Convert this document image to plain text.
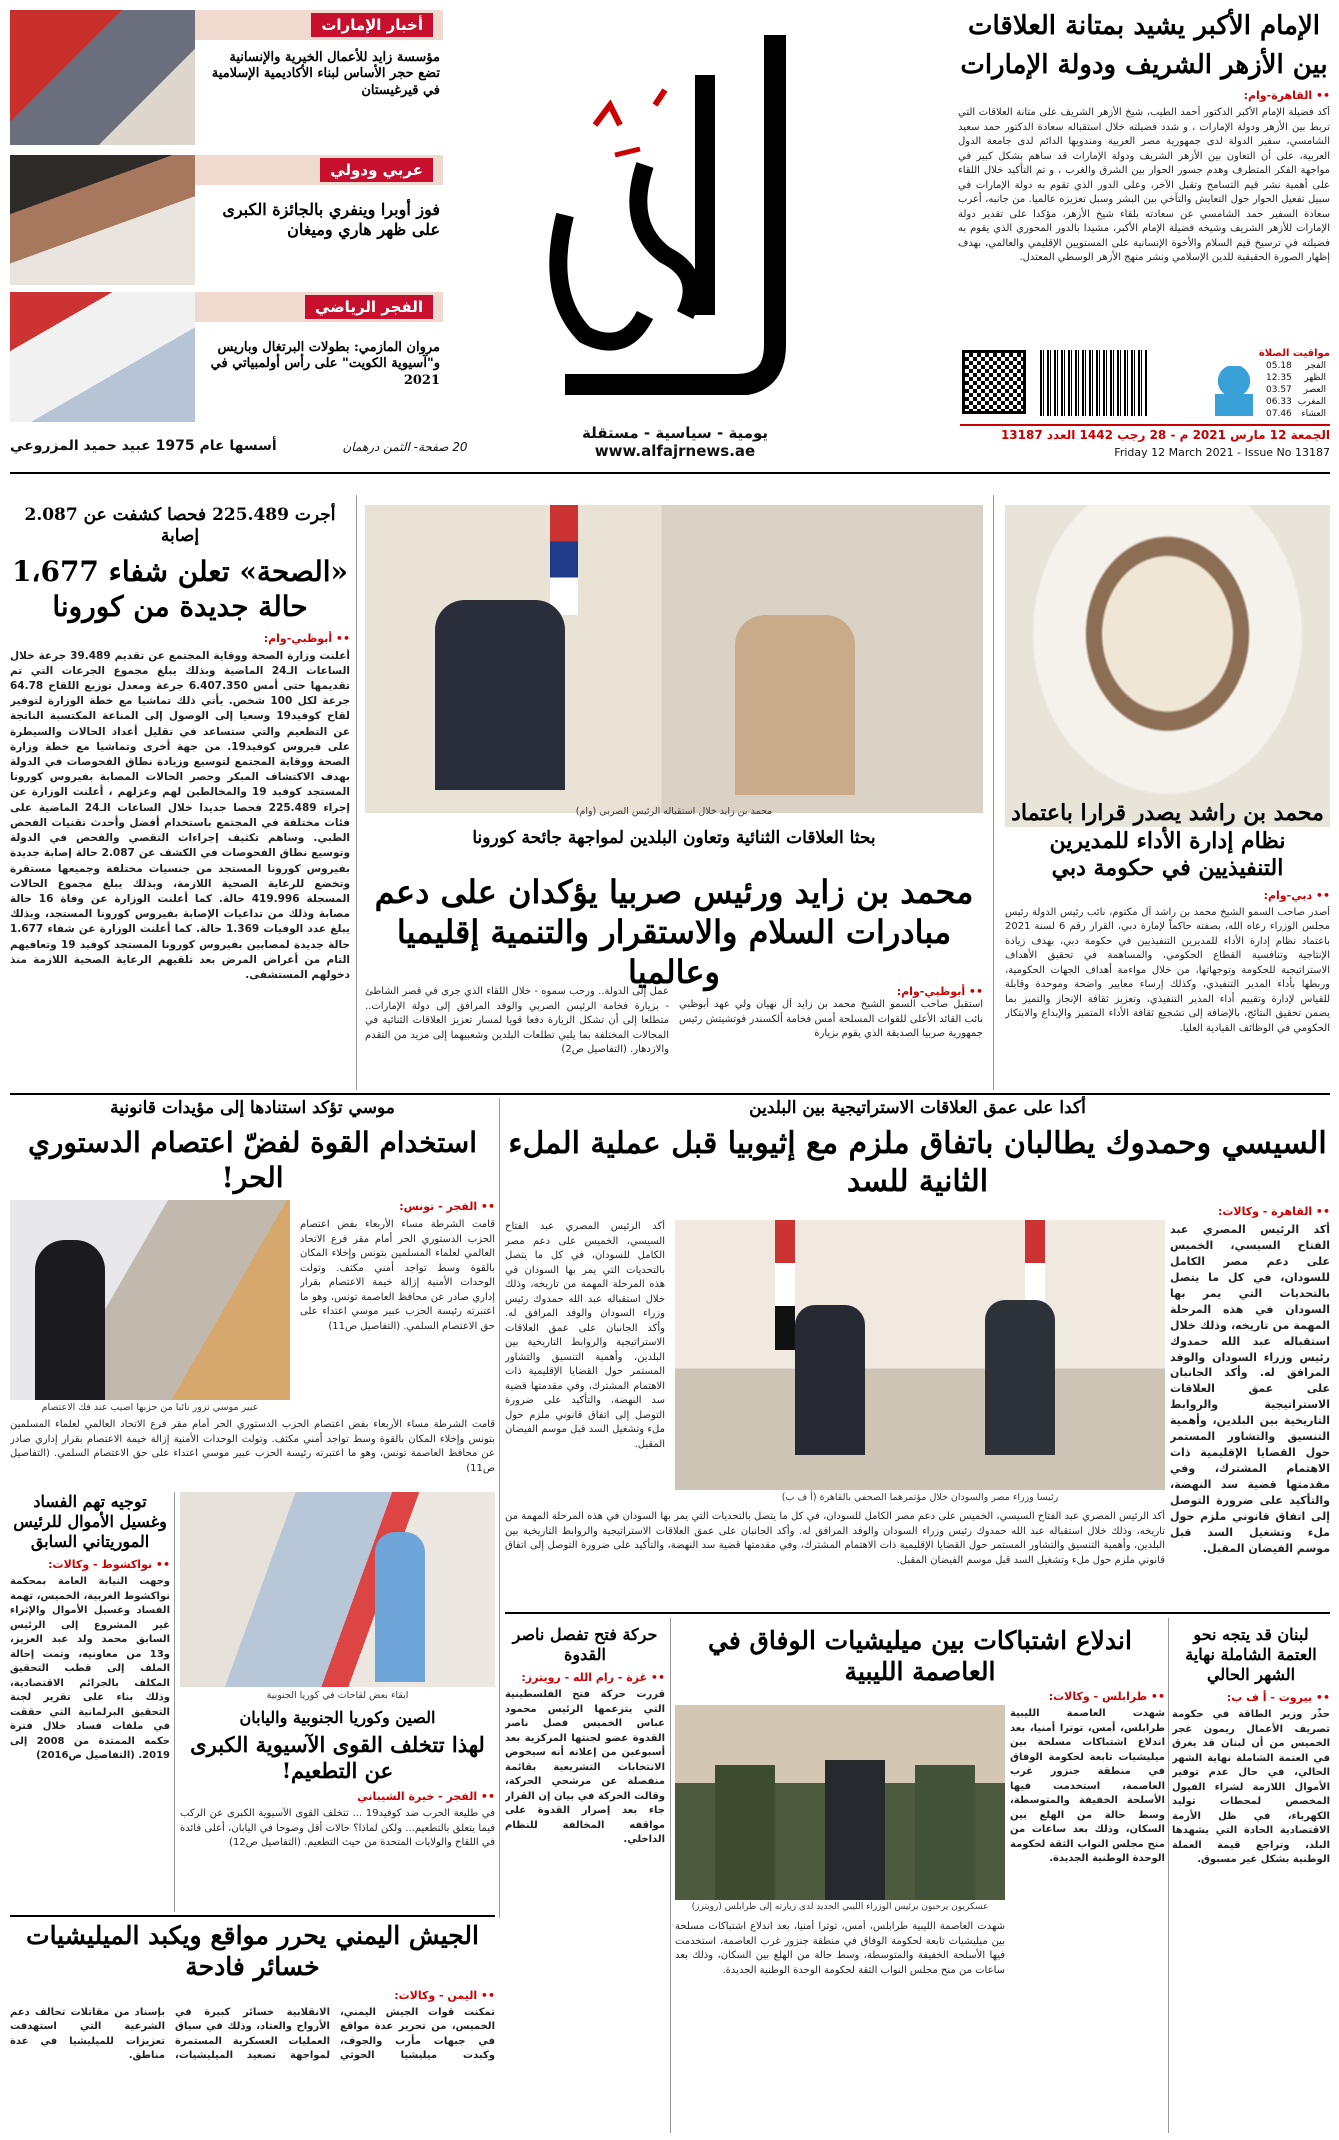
أخبار الإمارات
مؤسسة زايد للأعمال الخيرية والإنسانية تضع حجر الأساس لبناء الأكاديمية الإسلامية في قيرغيستان
عربي ودولي
فوز أوبرا وينفري بالجائزة الكبرى على ظهر هاري وميغان
الفجر الرياضي
مروان المازمي: بطولات البرتغال وباريس و"آسيوية الكويت" على رأس أولمبياتي في 2021
الإمام الأكبر يشيد بمتانة العلاقات
بين الأزهر الشريف ودولة الإمارات
•• القاهرة-وام:
أكد فضيلة الإمام الأكبر الدكتور أحمد الطيب، شيخ الأزهر الشريف على متانة العلاقات التي تربط بين الأزهر ودولة الإمارات ، و شدد فضيلته خلال استقباله سعادة الدكتور حمد سعيد الشامسي، سفير الدولة لدى جمهورية مصر العربية ومندوبها الدائم لدى جامعة الدول العربية، على أن التعاون بين الأزهر الشريف ودولة الإمارات قد ساهم بشكل كبير في مواجهة الفكر المتطرف وهدم جسور الحوار بين الشرق والغرب ، و تم التأكيد خلال اللقاء على أهمية نشر قيم التسامح وتقبل الآخر، وعلى الدور الذي تقوم به دولة الإمارات في سبيل تفعيل الحوار حول التعايش والتآخي بين البشر وسبل تعزيزه عالميا. من جانبه، أعرب سعادة السفير حمد الشامسي عن سعادته بلقاء شيخ الأزهر، مؤكدا على تقدير دولة الإمارات للأزهر الشريف وشيخه فضيلة الإمام الأكبر، مشيدا بالدور المحوري الذي يقوم به فضيلته في ترسيخ قيم السلام والأخوة الإنسانية على المستويين الإقليمي والعالمي، بهدف إظهار الصورة الحقيقية للدين الإسلامي ونشر منهج الأزهر الوسطي المعتدل.
مواقيت الصلاة
الفجر	05.18
الظهر	12.35
العصر	03.57
المغرب	06.33
العشاء	07.46
الجمعة 12 مارس 2021 م - 28 رجب 1442 العدد 13187
Friday 12 March 2021 - Issue No 13187
يومية - سياسية - مستقلة
www.alfajrnews.ae
20 صفحة- الثمن درهمان
أسسها عام 1975 عبيد حميد المزروعي
محمد بن راشد يصدر قرارا باعتماد نظام إدارة الأداء للمديرين التنفيذيين في حكومة دبي
•• دبي-وام:
أصدر صاحب السمو الشيخ محمد بن راشد آل مكتوم، نائب رئيس الدولة رئيس مجلس الوزراء رعاه الله، بصفته حاكماً لإمارة دبي، القرار رقم 6 لسنة 2021 باعتماد نظام إدارة الأداء للمديرين التنفيذيين في حكومة دبي، بهدف زيادة الإنتاجية وتنافسية القطاع الحكومي، والمساهمة في تحقيق الأهداف الاستراتيجية للحكومة وتوجهاتها، من خلال مواءمة أهداف الجهات الحكومية، وربطها بأداء المدير التنفيذي، وكذلك إرساء معايير واضحة وموحدة وقابلة للقياس لإدارة وتقييم أداء المدير التنفيذي، وتعزيز ثقافة الإنجاز والتميز بما يضمن تحقيق النتائج، بالإضافة إلى تشجيع ثقافة الأداء المتميز والإبداع والابتكار الحكومي في الوظائف القيادية العليا.
محمد بن زايد خلال استقباله الرئيس الصربي (وام)
بحثا العلاقات الثنائية وتعاون البلدين لمواجهة جائحة كورونا
محمد بن زايد ورئيس صربيا يؤكدان على دعم مبادرات السلام والاستقرار والتنمية إقليميا وعالميا
•• أبوظبي-وام:
استقبل صاحب السمو الشيخ محمد بن زايد آل نهيان ولي عهد أبوظبي نائب القائد الأعلى للقوات المسلحة أمس فخامة ألكسندر فوتشيتش رئيس جمهورية صربيا الصديقة الذي يقوم بزيارة
عمل إلى الدولة.. ورحب سموه - خلال اللقاء الذي جرى في قصر الشاطئ - بزيارة فخامة الرئيس الصربي والوفد المرافق إلى دولة الإمارات.. متطلعا إلى أن تشكل الزيارة دفعا قويا لمسار تعزيز العلاقات الثنائية في المجالات المختلفة بما يلبي تطلعات البلدين وشعبيهما إلى مزيد من التقدم والازدهار. (التفاصيل ص2)
أجرت 225.489 فحصا كشفت عن 2.087 إصابة
«الصحة» تعلن شفاء 1،677 حالة جديدة من كورونا
•• أبوظبي-وام:
أعلنت وزارة الصحة ووقاية المجتمع عن تقديم 39.489 جرعة خلال الساعات الـ24 الماضية وبذلك يبلغ مجموع الجرعات التي تم تقديمها حتى أمس 6.407.350 جرعة ومعدل توزيع اللقاح 64.78 جرعة لكل 100 شخص. يأتي ذلك تماشيا مع خطة الوزارة لتوفير لقاح كوفيد19 وسعيا إلى الوصول إلى المناعة المكتسبة الناتجة عن التطعيم والتي ستساعد في تقليل أعداد الحالات والسيطرة على فيروس كوفيد19. من جهة أخرى وتماشيا مع خطة وزارة الصحة ووقاية المجتمع لتوسيع وزيادة نطاق الفحوصات في الدولة بهدف الاكتشاف المبكر وحصر الحالات المصابة بفيروس كورونا المستجد كوفيد 19 والمخالطين لهم وعزلهم ، أعلنت الوزارة عن إجراء 225.489 فحصا جديدا خلال الساعات الـ24 الماضية على فئات مختلفة في المجتمع باستخدام أفضل وأحدث تقنيات الفحص الطبي. وساهم تكثيف إجراءات التقصي والفحص في الدولة وتوسيع نطاق الفحوصات في الكشف عن 2.087 حالة إصابة جديدة بفيروس كورونا المستجد من جنسيات مختلفة وجميعها مستقرة وتخضع للرعاية الصحية اللازمة، وبذلك يبلغ مجموع الحالات المسجلة 419.996 حالة. كما أعلنت الوزارة عن وفاة 16 حالة مصابة وذلك من تداعيات الإصابة بفيروس كورونا المستجد، وبذلك يبلغ عدد الوفيات 1.369 حالة. كما أعلنت الوزارة عن شفاء 1.677 حالة جديدة لمصابين بفيروس كورونا المستجد كوفيد 19 وتعافيهم التام من أعراض المرض بعد تلقيهم الرعاية الصحية اللازمة منذ دخولهم المستشفى.
أكدا على عمق العلاقات الاستراتيجية بين البلدين
السيسي وحمدوك يطالبان باتفاق ملزم مع إثيوبيا قبل عملية الملء الثانية للسد
رئيسا وزراء مصر والسودان خلال مؤتمرهما الصحفي بالقاهرة (أ ف ب)
•• القاهرة - وكالات:
أكد الرئيس المصري عبد الفتاح السيسي، الخميس على دعم مصر الكامل للسودان، في كل ما يتصل بالتحديات التي يمر بها السودان في هذه المرحلة المهمة من تاريخه، وذلك خلال استقباله عبد الله حمدوك رئيس وزراء السودان والوفد المرافق له. وأكد الجانبان على عمق العلاقات الاستراتيجية والروابط التاريخية بين البلدين، وأهمية التنسيق والتشاور المستمر حول القضايا الإقليمية ذات الاهتمام المشترك، وفي مقدمتها قضية سد النهضة، والتأكيد على ضرورة التوصل إلى اتفاق قانوني ملزم حول ملء وتشغيل السد قبل موسم الفيضان المقبل.
أكد الرئيس المصري عبد الفتاح السيسي، الخميس على دعم مصر الكامل للسودان، في كل ما يتصل بالتحديات التي يمر بها السودان في هذه المرحلة المهمة من تاريخه، وذلك خلال استقباله عبد الله حمدوك رئيس وزراء السودان والوفد المرافق له. وأكد الجانبان على عمق العلاقات الاستراتيجية والروابط التاريخية بين البلدين، وأهمية التنسيق والتشاور المستمر حول القضايا الإقليمية ذات الاهتمام المشترك، وفي مقدمتها قضية سد النهضة، والتأكيد على ضرورة التوصل إلى اتفاق قانوني ملزم حول ملء وتشغيل السد قبل موسم الفيضان المقبل.
أكد الرئيس المصري عبد الفتاح السيسي، الخميس على دعم مصر الكامل للسودان، في كل ما يتصل بالتحديات التي يمر بها السودان في هذه المرحلة المهمة من تاريخه، وذلك خلال استقباله عبد الله حمدوك رئيس وزراء السودان والوفد المرافق له. وأكد الجانبان على عمق العلاقات الاستراتيجية والروابط التاريخية بين البلدين، وأهمية التنسيق والتشاور المستمر حول القضايا الإقليمية ذات الاهتمام المشترك، وفي مقدمتها قضية سد النهضة، والتأكيد على ضرورة التوصل إلى اتفاق قانوني ملزم حول ملء وتشغيل السد قبل موسم الفيضان المقبل.
موسي تؤكد استنادها إلى مؤيدات قانونية
استخدام القوة لفضّ اعتصام الدستوري الحر!
•• الفجر - تونس:
عبير موسي تزور نائبا من حزبها اصيب عند فك الاعتصام
قامت الشرطة مساء الأربعاء بفض اعتصام الحزب الدستوري الحر أمام مقر فرع الاتحاد العالمي لعلماء المسلمين بتونس وإخلاء المكان بالقوة وسط تواجد أمني مكثف. وتولت الوحدات الأمنية إزالة خيمة الاعتصام بقرار إداري صادر عن محافظ العاصمة تونس، وهو ما اعتبرته رئيسة الحزب عبير موسي اعتداء على حق الاعتصام السلمي. (التفاصيل ص11)
قامت الشرطة مساء الأربعاء بفض اعتصام الحزب الدستوري الحر أمام مقر فرع الاتحاد العالمي لعلماء المسلمين بتونس وإخلاء المكان بالقوة وسط تواجد أمني مكثف. وتولت الوحدات الأمنية إزالة خيمة الاعتصام بقرار إداري صادر عن محافظ العاصمة تونس، وهو ما اعتبرته رئيسة الحزب عبير موسي اعتداء على حق الاعتصام السلمي. (التفاصيل ص11)
توجيه تهم الفساد وغسيل الأموال للرئيس الموريتاني السابق
•• نواكشوط - وكالات:
وجهت النيابة العامة بمحكمة نواكشوط الغربية، الخميس، تهمة الفساد وغسيل الأموال والإثراء غير المشروع إلى الرئيس السابق محمد ولد عبد العزيز، و13 من معاونيه، وتمت إحالة الملف إلى قطب التحقيق المكلف بالجرائم الاقتصادية، وذلك بناء على تقرير لجنة التحقيق البرلمانية التي حققت في ملفات فساد خلال فترة حكمه الممتدة من 2008 إلى 2019. (التفاصيل ص2016)
ابقاء بعض لقاحات في كوريا الجنوبية
الصين وكوريا الجنوبية واليابان
لهذا تتخلف القوى الآسيوية الكبرى عن التطعيم!
•• الفجر - خيرة الشيباني
في طليعة الحرب ضد كوفيد19 ... تتخلف القوى الآسيوية الكبرى عن الركب فيما يتعلق بالتطعيم... ولكن لماذا؟ حالات أقل وضوحا في اليابان، أعلى فائدة في اللقاح والولايات المتحدة من حيث التطعيم. (التفاصيل ص12)
اندلاع اشتباكات بين ميليشيات الوفاق في العاصمة الليبية
عسكريون يرحبون برئيس الوزراء الليبي الجديد لدى زيارته إلى طرابلس (رويترز)
•• طرابلس - وكالات:
شهدت العاصمة الليبية طرابلس، أمس، توترا أمنيا، بعد اندلاع اشتباكات مسلحة بين ميليشيات تابعة لحكومة الوفاق في منطقة جنزور غرب العاصمة، استخدمت فيها الأسلحة الخفيفة والمتوسطة، وسط حالة من الهلع بين السكان، وذلك بعد ساعات من منح مجلس النواب الثقة لحكومة الوحدة الوطنية الجديدة.
شهدت العاصمة الليبية طرابلس، أمس، توترا أمنيا، بعد اندلاع اشتباكات مسلحة بين ميليشيات تابعة لحكومة الوفاق في منطقة جنزور غرب العاصمة، استخدمت فيها الأسلحة الخفيفة والمتوسطة، وسط حالة من الهلع بين السكان، وذلك بعد ساعات من منح مجلس النواب الثقة لحكومة الوحدة الوطنية الجديدة.
حركة فتح تفصل ناصر القدوة
•• غزة - رام الله - رويترز:
قررت حركة فتح الفلسطينية التي يتزعمها الرئيس محمود عباس الخميس فصل ناصر القدوة عضو لجنتها المركزية بعد أسبوعين من إعلانه أنه سيخوض الانتخابات التشريعية بقائمة منفصلة عن مرشحي الحركة، وقالت الحركة في بيان إن القرار جاء بعد إصرار القدوة على مواقفه المخالفة للنظام الداخلي.
لبنان قد يتجه نحو العتمة الشاملة نهاية الشهر الحالي
•• بيروت - أ ف ب:
حذّر وزير الطاقة في حكومة تصريف الأعمال ريمون غجر الخميس من أن لبنان قد يغرق في العتمة الشاملة نهاية الشهر الحالي، في حال عدم توفير الأموال اللازمة لشراء الفيول المخصص لمحطات توليد الكهرباء، في ظل الأزمة الاقتصادية الحادة التي يشهدها البلد، وتراجع قيمة العملة الوطنية بشكل غير مسبوق.
الجيش اليمني يحرر مواقع ويكبد الميليشيات خسائر فادحة
•• اليمن - وكالات:
تمكنت قوات الجيش اليمني، الخميس، من تحرير عدة مواقع في جبهات مأرب والجوف، وكبدت ميليشيا الحوثي الانقلابية خسائر كبيرة في الأرواح والعتاد، وذلك في سياق العمليات العسكرية المستمرة لمواجهة تصعيد الميليشيات، بإسناد من مقاتلات تحالف دعم الشرعية التي استهدفت تعزيزات للميليشيا في عدة مناطق.
